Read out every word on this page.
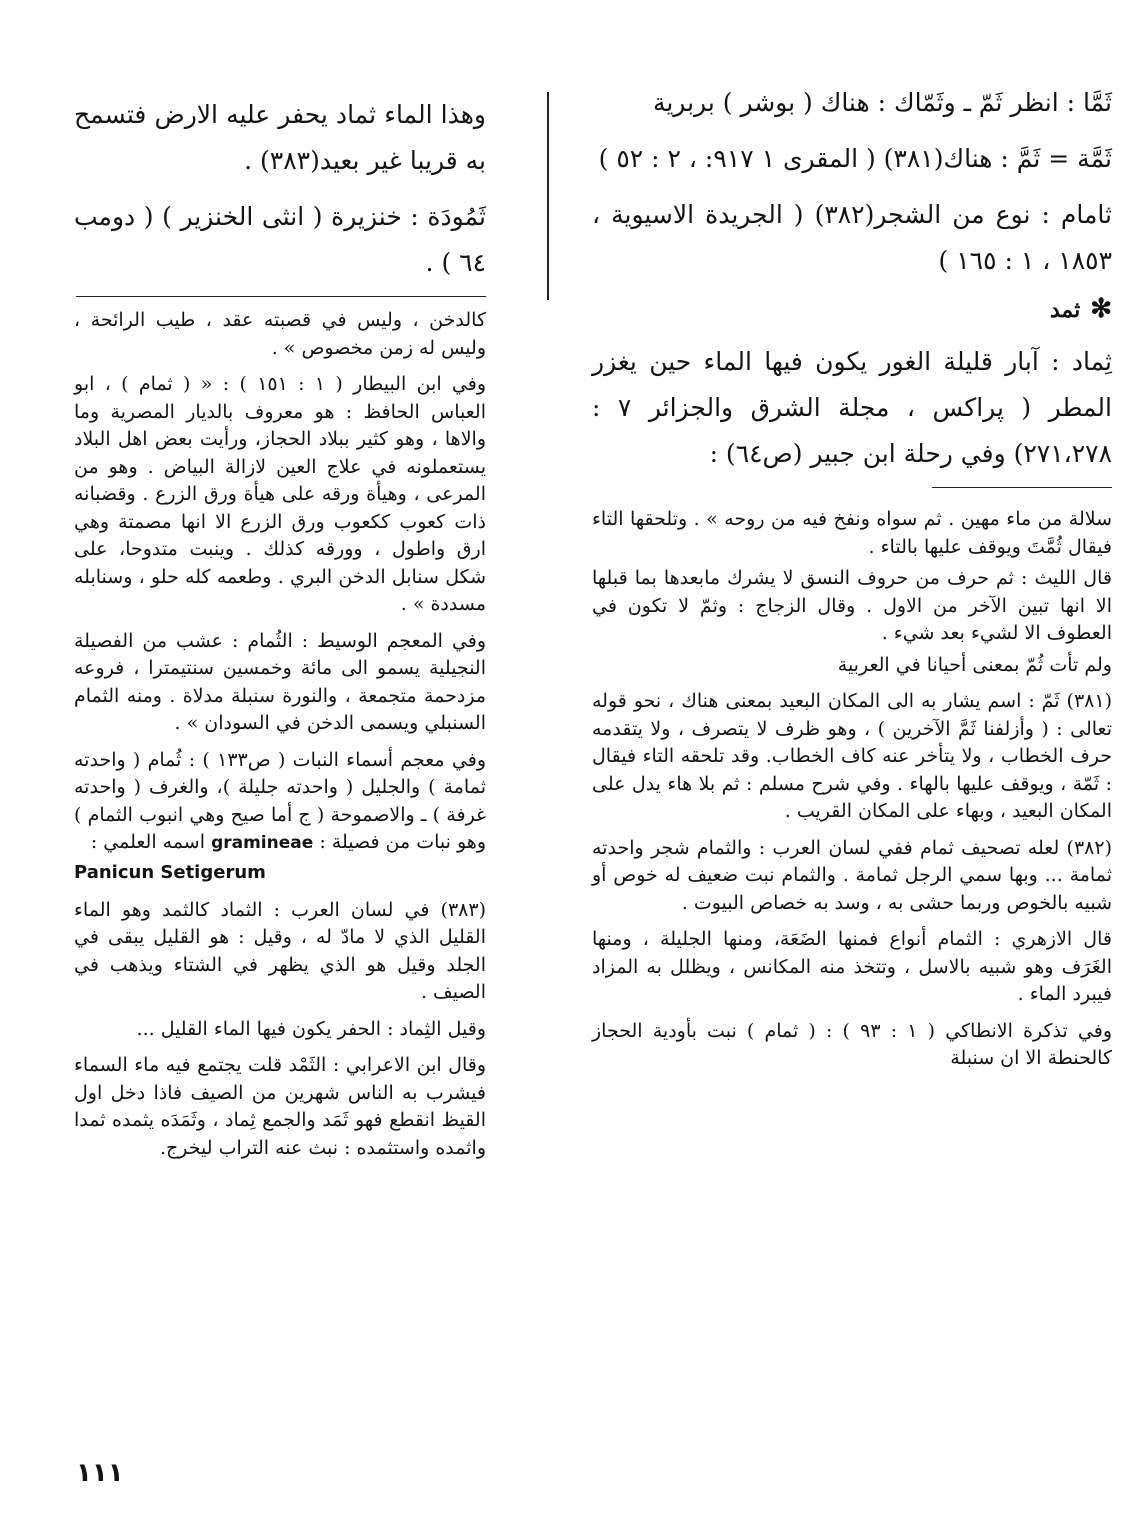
ثَمَّا : انظر ثَمّ ـ وثَمّاك : هناك ( بوشر ) بربرية

ثَمَّة = ثَمَّ : هناك(٣٨١) ( المقرى ١ ٩١٧: ، ٢ : ٥٢ )

ثامام : نوع من الشجر(٣٨٢) ( الجريدة الاسيوية ، ١٨٥٣ ، ١ : ١٦٥ )

✻ثمد

ثِماد : آبار قليلة الغور يكون فيها الماء حين يغزر المطر ( پراكس ، مجلة الشرق والجزائر ٧ : ٢٧١،٢٧٨) وفي رحلة ابن جبير (ص٦٤) :

سلالة من ماء مهين . ثم سواه ونفخ فيه من روحه » . وتلحقها التاء فيقال ثُمَّتَ ويوقف عليها بالتاء .

قال الليث : ثم حرف من حروف النسق لا يشرك مابعدها بما قبلها الا انها تبين الآخر من الاول . وقال الزجاج : وثمّ لا تكون في العطوف الا لشيء بعد شيء .

ولم تأت ثُمّ بمعنى أحيانا في العربية

(٣٨١) ثَمّ : اسم يشار به الى المكان البعيد بمعنى هناك ، نحو قوله تعالى : ( وأزلفنا ثَمَّ الآخرين ) ، وهو ظرف لا يتصرف ، ولا يتقدمه حرف الخطاب ، ولا يتأخر عنه كاف الخطاب. وقد تلحقه التاء فيقال : ثَمّة ، ويوقف عليها بالهاء . وفي شرح مسلم : ثم بلا هاء يدل على المكان البعيد ، وبهاء على المكان القريب .

(٣٨٢) لعله تصحيف ثمام ففي لسان العرب : والثمام شجر واحدته ثمامة ... وبها سمي الرجل ثمامة . والثمام نبت ضعيف له خوص أو شبيه بالخوص وربما حشى به ، وسد به خصاص البيوت .

قال الازهري : الثمام أنواع فمنها الضَعَة، ومنها الجليلة ، ومنها الغَرَف وهو شبيه بالاسل ، وتتخذ منه المكانس ، ويظلل به المزاد فيبرد الماء .

وفي تذكرة الانطاكي ( ١ : ٩٣ ) : ( ثمام ) نبت بأودية الحجاز كالحنطة الا ان سنبلة

وهذا الماء ثماد يحفر عليه الارض فتسمح به قريبا غير بعيد(٣٨٣) .

ثَمُودَة : خنزيرة ( انثى الخنزير ) ( دومب ٦٤ ) .

كالدخن ، وليس في قصبته عقد ، طيب الرائحة ، وليس له زمن مخصوص » .

وفي ابن البيطار ( ١ : ١٥١ ) : « ( ثمام ) ، ابو العباس الحافظ : هو معروف بالديار المصرية وما والاها ، وهو كثير ببلاد الحجاز، ورأيت بعض اهل البلاد يستعملونه في علاج العين لازالة البياض . وهو من المرعى ، وهيأة ورقه على هيأة ورق الزرع . وقضبانه ذات كعوب ككعوب ورق الزرع الا انها مصمتة وهي ارق واطول ، وورقه كذلك . وينبت متدوحا، على شكل سنابل الدخن البري . وطعمه كله حلو ، وسنابله مسددة » .

وفي المعجم الوسيط : الثُمام : عشب من الفصيلة النجيلية يسمو الى مائة وخمسين سنتيمترا ، فروعه مزدحمة متجمعة ، والنورة سنبلة مدلاة . ومنه الثمام السنبلي ويسمى الدخن في السودان » .

وفي معجم أسماء النبات ( ص١٣٣ ) : ثُمام ( واحدته ثمامة ) والجليل ( واحدته جليلة )، والغرف ( واحدته غرفة ) ـ والاصموحة ( ج أما صيح وهي انبوب الثمام ) وهو نبات من فصيلة : gramineae اسمه العلمي :

Panicun Setigerum

(٣٨٣) في لسان العرب : الثماد كالثمد وهو الماء القليل الذي لا مادّ له ، وقيل : هو القليل يبقى في الجلد وقيل هو الذي يظهر في الشتاء ويذهب في الصيف .

وقيل الثِماد : الحفر يكون فيها الماء القليل ...

وقال ابن الاعرابي : الثَمْد قلت يجتمع فيه ماء السماء فيشرب به الناس شهرين من الصيف فاذا دخل اول القيظ انقطع فهو ثَمَد والجمع ثِماد ، وثَمَدَه يثمده ثمدا واثمده واستثمده : نبث عنه التراب ليخرج.

١١١
